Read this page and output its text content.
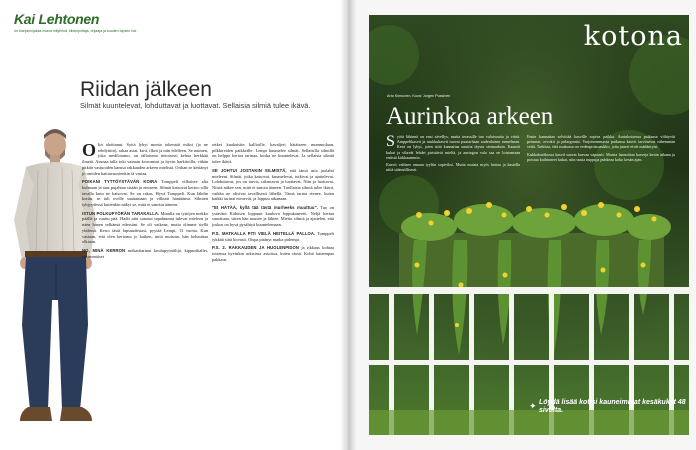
Kai Lehtonen
on Kanjaninjakka ovava niityihinä, kilokirjoittaja, ohjaaja ja kuuden lapsen isä.
Riidan jälkeen
Silmät kuuntelevat, lohduttavat ja luottavat. Sellaisia silmiä tulee ikävä.

Olin aloittanut. Syitä lyhyt monia tokenaiti miksi (ja ne tehdyttiin), rahaa asiat, kirit, ilkeä ja niin edelleen. Se naimen, joka mediloiamo, on tällaisena tietoisesti kehua herkkää ilmetä. Asunaa talla toki vaiman kvavansut ja hyvin harkitoilla, vähän pitkän vastuoiden kanssa rakkauden arkeen mielistä. Orihan se kestänyt jo useiden haittavuosienkin tä vastaa.

POIKANI TYTTÖYSTÄVÄN KOIRA Tomppeli vilkaisee alta kulmaan ja taas pujahtaa sisään ja eteiseen. Silmät katsovat kertoo sillä tavalla kuin ne katsovat. Se on rakas. Hyvä Tomppeli. Kun lähdin kotiin, se tuli ovelle saattamaan ja vilkutti häntäänsä. Silmien tyhjyydessä kuitenkin näkyi se, mitä ei sanottu ääneen.

ISTUN POLKUPYÖRÄN TARAKALLA. Minulla on tyttöjen mekko päällä ja ruuttu pää. Hadit niin sanotut tapahtumat tulevat mieleen ja näen hänen selkänsä edessäni. Se oli vaikeaa, mutta olimme siellä yhdessä. Kerro tästä lapsuudestasi, pyytää Lempi, 13 vuotta. Kun vastaan, että olen kertonut jo kaiken, mitä muistan, hän kohauttaa olkiaan.

NO, MINÄ KERRON noikaritarinat koulupyöräilijä, kippurikallet, ensimmäiset

retket kaukaisiin kallioille, kavaljeri hätäiseen mummolaan, pilkkireiden paikkeille. Lempi kuuntelee silmät. Sellaisilla silmillä on helppo kertoa tarinaa, koska ne kuuntelevat. Ja sellaisia silmiä tulee ikävä.

SE JOHTUI JOSTAKIN SILMISTÄ, että tämä asia juolahti mieleeni. Silmät, jotka katsovat, kuuntelevat, tutkivat ja ajattelevat. Lohduttavat, jos on tarvis, rakastavat ja luottavat. Niin ja luottavat. Niistä näkee sen, mitä ei sanota ääneen. Tuollaisia silmiä tulee ikävä, vaikka ne olisivat tavallisesti lähellä. Tämä tarina etenee, kuten kaikki tarinat etenevät, ja loppuu aikanaan.

"EI HÄTÄÄ, kyllä tää tästä murheeks muuttuu". Tuo on ystäväni Kähösen loppuun kuuluva loppukaneetti. Neljä kertaa sanottuna, sitten hän nousee ja lähtee. Mietin silmiä ja ajattelen, että joskus on hyvä pysähtyä kuuntelemaan.

P.S. MATKALLA PITI VIELÄ HEITELLÄ PALLOA. Tomppeli tykkää siitä kovasti. Oispa pitänyt matka pidempi.

P.S. 2. RAKKAUDEN JA HUOLENPIDON ja rikkaus kohtaa toisensa hyvinkin arkisissa asioissa, kuten tässä. Kohti kauempaa pakkaus.

kotona
Arto Kinnunen, Kuva: Jorgen Pussinen
Aurinkoa arkeen

Syötä lähinnä on ensi sävellys, mutta terassille tuo valoisuutta ja väriä. Amppelikasvit ja ruukkukasvit tuovat puutarhaan uudenlaisen tunnelman. Kesä on lyhyt, joten siitä kannattaa nauttia täysin siemauksin. Kauniit kukat ja vihreät lehdet piristävät mieltä, ja auringon valo saa ne loistamaan entistä kirkkaammin.

Kasvit valitsee omaan tyyliin sopiviksi. Mutta muista myös hoitaa ja kastella niitä säännöllisesti.

Ensin kannattaa selvittää kasville sopiva paikka. Aurinkoisessa paikassa viihtyvät petuniat, orvokit ja pelargoniat. Varjoisemmassa paikassa kasvit tarvitsevat vähemmän vettä. Tarkista, että ruukussa on vedenpoistoaukko, jotta juuret eivät mädäntyisi.

Kukkalaatikossa kasvit saavat kasvaa vapaasti. Muista lannoittaa kasveja kesän aikana ja poistaa kuihtuneet kukat, niin uusia nuppuja puhkeaa koko kesän ajan.

✦ Löydä lisää kotisi kauneimmat kesäkukat 48 sivulta.
